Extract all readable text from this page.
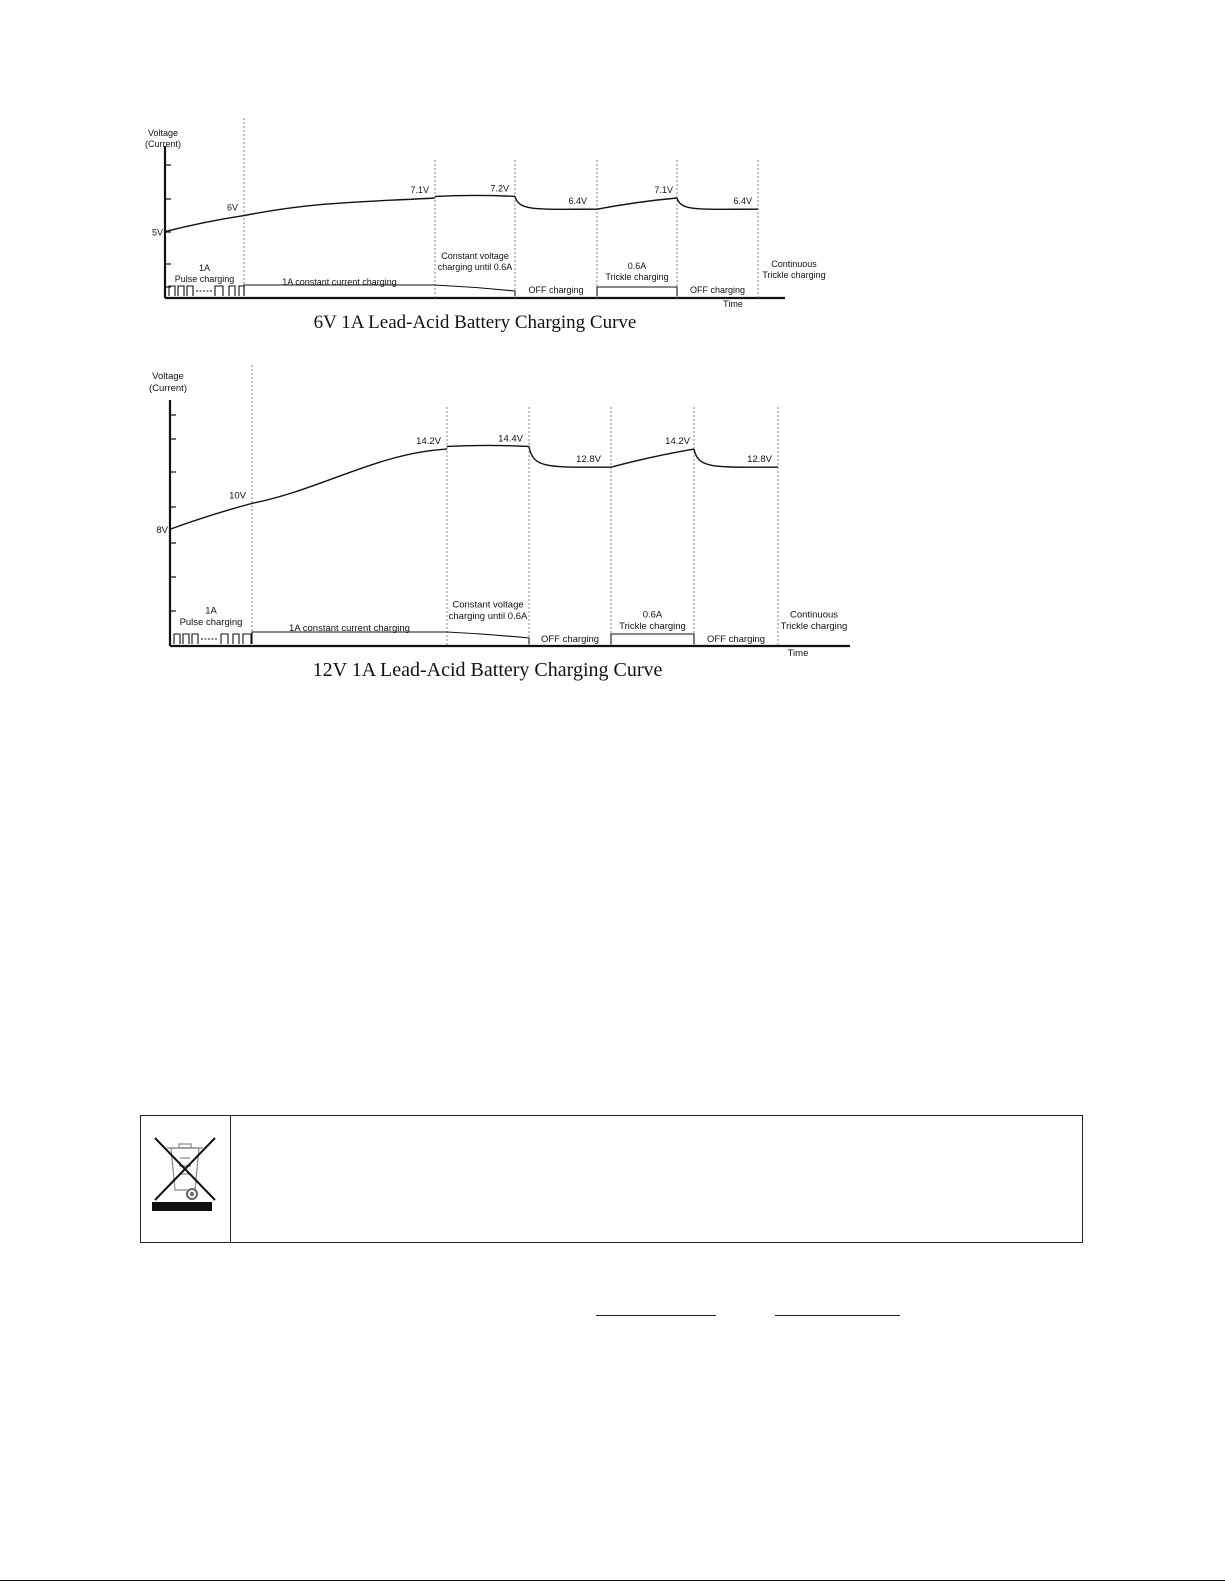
Voltage
(Current)
Time
6V
7.1V	7.2V
6.4V
7.1V
6.4V
5V
1A
Pulse charging	1A constant current charging
Constant voltage
charging until 0.6A
OFF charging
0.6A
Trickle charging
OFF charging
Continuous
Trickle charging
6V 1A Lead-Acid Battery Charging Curve
Voltage
(Current)
Time
10V
14.2V	14.4V
12.8V
14.2V
12.8V
8V
1A
Pulse charging
1A constant current charging
Constant voltage
charging until 0.6A
OFF charging
0.6A
Trickle charging
OFF charging
Continuous
Trickle charging
12V 1A Lead-Acid Battery Charging Curve
